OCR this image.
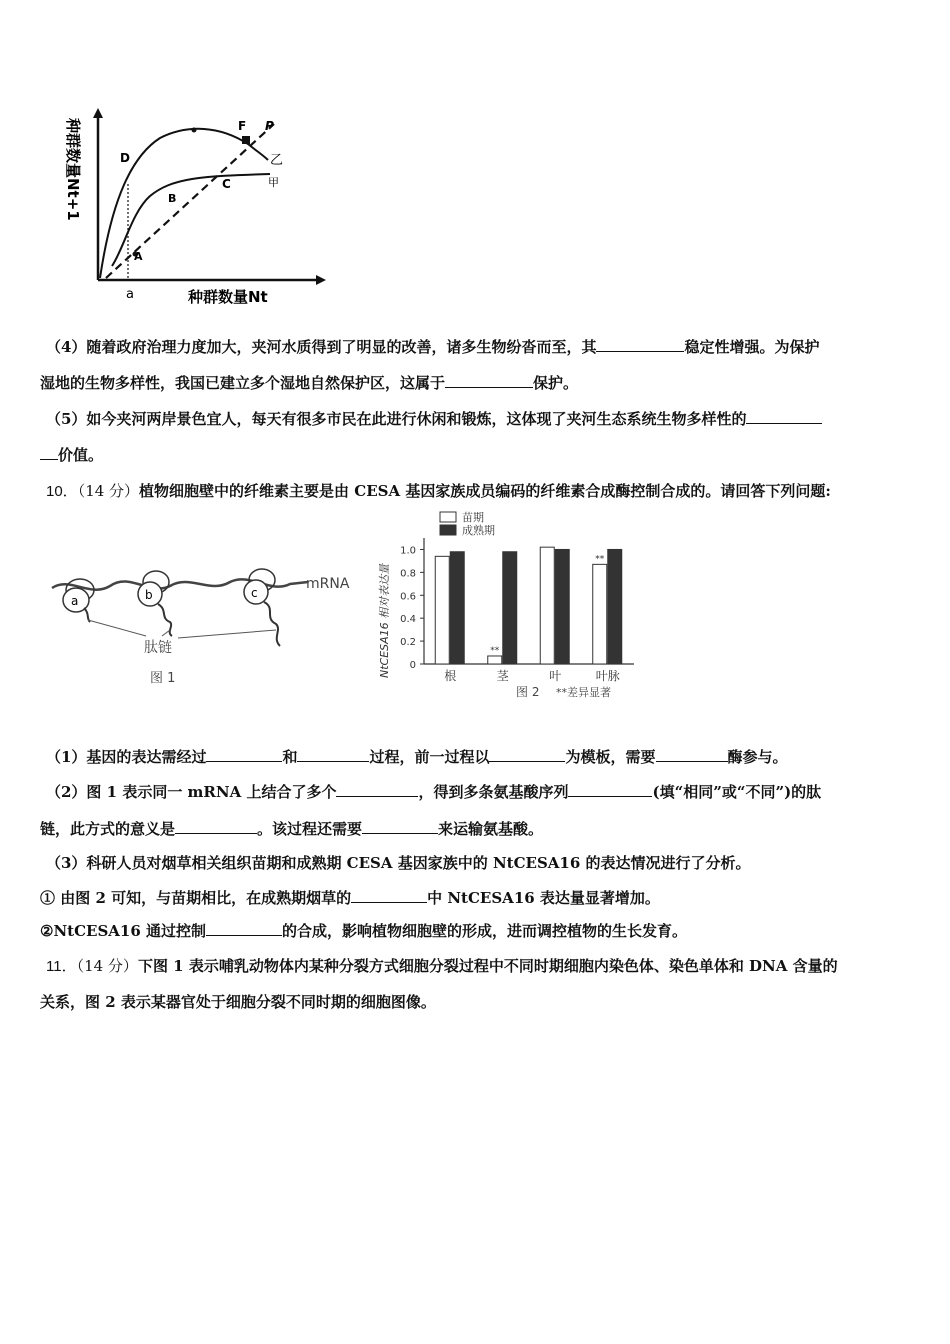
D
F P
乙
B
C	甲
A
a	种群数量Nt
种群数量Nt+1
（4）随着政府治理力度加大，夹河水质得到了明显的改善，诸多生物纷沓而至，其	稳定性增强。为保护
湿地的生物多样性，我国已建立多个湿地自然保护区，这属于	保护。
（5）如今夹河两岸景色宜人，每天有很多市民在此进行休闲和锻炼，这体现了夹河生态系统生物多样性的
价值。
10．（14 分）植物细胞壁中的纤维素主要是由 CESA 基因家族成员编码的纤维素合成酶控制合成的。请回答下列问题:
a	b	c
mRNA
肽链
图 1
苗期
成熟期
NtCESA16 相对表达量 0
0.2
0.4
0.6
0.8
1.0
根
**
茎	叶
**
叶脉
图 2 **差异显著
（1）基因的表达需经过	和	过程，前一过程以	为模板，需要	酶参与。
（2）图 1 表示同一 mRNA 上结合了多个	，得到多条氨基酸序列	(填“相同”或“不同”)的肽
链，此方式的意义是	。该过程还需要	来运输氨基酸。
（3）科研人员对烟草相关组织苗期和成熟期 CESA 基因家族中的 NtCESA16 的表达情况进行了分析。
① 由图 2 可知，与苗期相比，在成熟期烟草的	中 NtCESA16 表达量显著增加。
②NtCESA16 通过控制	的合成，影响植物细胞壁的形成，进而调控植物的生长发育。
11．（14 分）下图 1 表示哺乳动物体内某种分裂方式细胞分裂过程中不同时期细胞内染色体、染色单体和 DNA 含量的
关系，图 2 表示某器官处于细胞分裂不同时期的细胞图像。
